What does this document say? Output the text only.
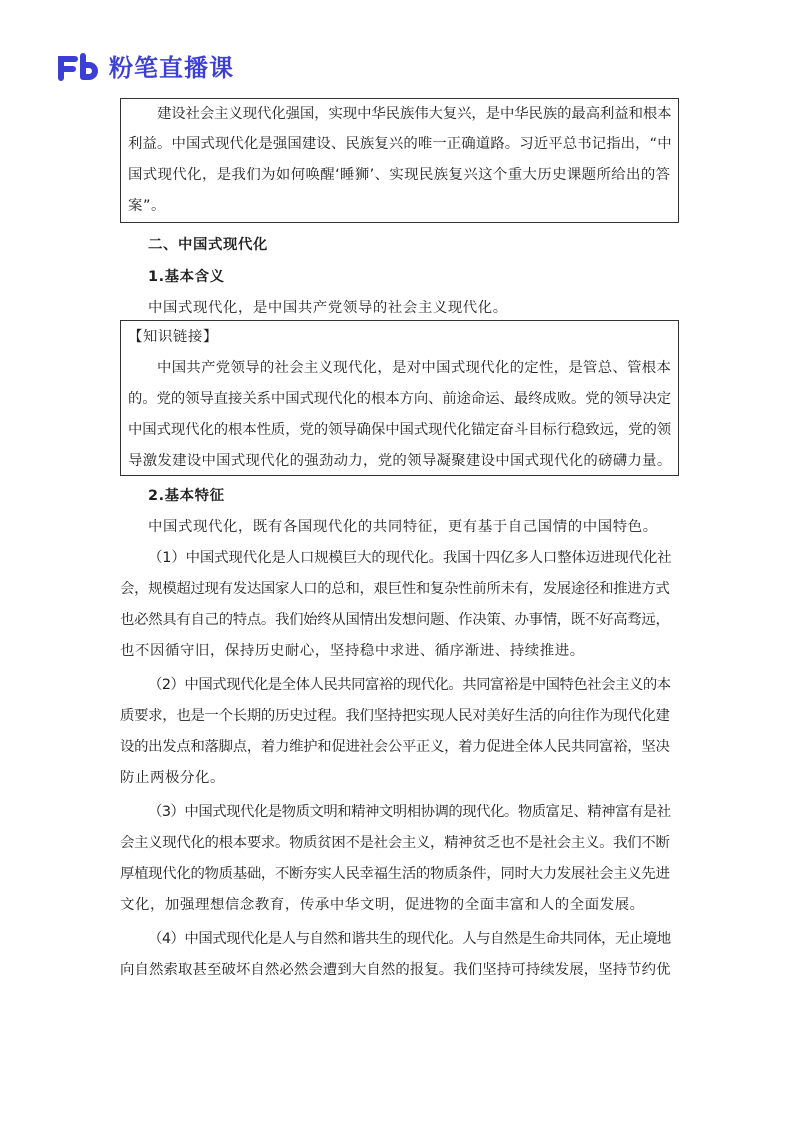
粉笔直播课
建设社会主义现代化强国，实现中华民族伟大复兴，是中华民族的最高利益和根本
利益。中国式现代化是强国建设、民族复兴的唯一正确道路。习近平总书记指出，“中
国式现代化，是我们为如何唤醒‘睡狮’、实现民族复兴这个重大历史课题所给出的答
案”。
二、中国式现代化
1.基本含义
中国式现代化，是中国共产党领导的社会主义现代化。
【知识链接】
中国共产党领导的社会主义现代化，是对中国式现代化的定性，是管总、管根本
的。党的领导直接关系中国式现代化的根本方向、前途命运、最终成败。党的领导决定
中国式现代化的根本性质，党的领导确保中国式现代化锚定奋斗目标行稳致远，党的领
导激发建设中国式现代化的强劲动力，党的领导凝聚建设中国式现代化的磅礴力量。
2.基本特征
中国式现代化，既有各国现代化的共同特征，更有基于自己国情的中国特色。
（1）中国式现代化是人口规模巨大的现代化。我国十四亿多人口整体迈进现代化社
会，规模超过现有发达国家人口的总和，艰巨性和复杂性前所未有，发展途径和推进方式
也必然具有自己的特点。我们始终从国情出发想问题、作决策、办事情，既不好高骛远，
也不因循守旧，保持历史耐心，坚持稳中求进、循序渐进、持续推进。
（2）中国式现代化是全体人民共同富裕的现代化。共同富裕是中国特色社会主义的本
质要求，也是一个长期的历史过程。我们坚持把实现人民对美好生活的向往作为现代化建
设的出发点和落脚点，着力维护和促进社会公平正义，着力促进全体人民共同富裕，坚决
防止两极分化。
（3）中国式现代化是物质文明和精神文明相协调的现代化。物质富足、精神富有是社
会主义现代化的根本要求。物质贫困不是社会主义，精神贫乏也不是社会主义。我们不断
厚植现代化的物质基础，不断夯实人民幸福生活的物质条件，同时大力发展社会主义先进
文化，加强理想信念教育，传承中华文明，促进物的全面丰富和人的全面发展。
（4）中国式现代化是人与自然和谐共生的现代化。人与自然是生命共同体，无止境地
向自然索取甚至破坏自然必然会遭到大自然的报复。我们坚持可持续发展，坚持节约优
